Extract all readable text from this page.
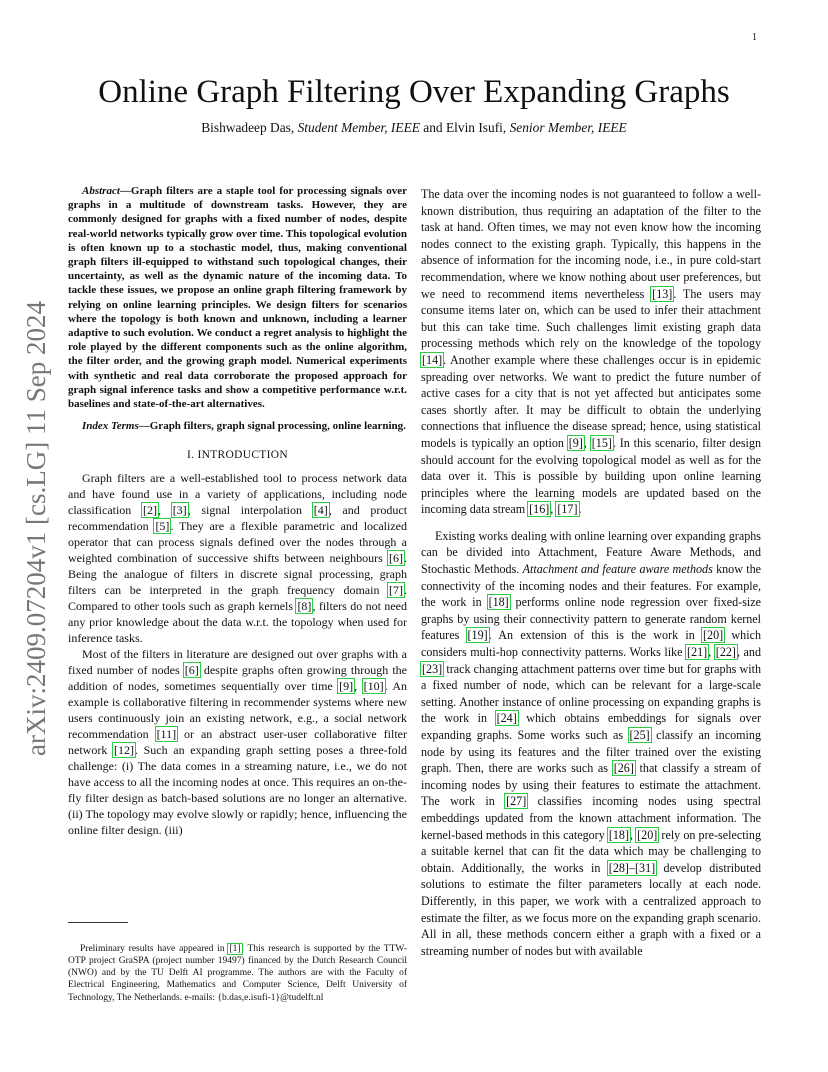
1
arXiv:2409.07204v1 [cs.LG] 11 Sep 2024
Online Graph Filtering Over Expanding Graphs
Bishwadeep Das, Student Member, IEEE and Elvin Isufi, Senior Member, IEEE

Abstract—Graph filters are a staple tool for processing signals over graphs in a multitude of downstream tasks. However, they are commonly designed for graphs with a fixed number of nodes, despite real-world networks typically grow over time. This topological evolution is often known up to a stochastic model, thus, making conventional graph filters ill-equipped to withstand such topological changes, their uncertainty, as well as the dynamic nature of the incoming data. To tackle these issues, we propose an online graph filtering framework by relying on online learning principles. We design filters for scenarios where the topology is both known and unknown, including a learner adaptive to such evolution. We conduct a regret analysis to highlight the role played by the different components such as the online algorithm, the filter order, and the growing graph model. Numerical experiments with synthetic and real data corroborate the proposed approach for graph signal inference tasks and show a competitive performance w.r.t. baselines and state-of-the-art alternatives.

Index Terms—Graph filters, graph signal processing, online learning.

I. INTRODUCTION

Graph filters are a well-established tool to process network data and have found use in a variety of applications, including node classification [2], [3], signal interpolation [4], and product recommendation [5]. They are a flexible parametric and localized operator that can process signals defined over the nodes through a weighted combination of successive shifts between neighbours [6]. Being the analogue of filters in discrete signal processing, graph filters can be interpreted in the graph frequency domain [7]. Compared to other tools such as graph kernels [8], filters do not need any prior knowledge about the data w.r.t. the topology when used for inference tasks.

Most of the filters in literature are designed out over graphs with a fixed number of nodes [6] despite graphs often growing through the addition of nodes, sometimes sequentially over time [9], [10]. An example is collaborative filtering in recommender systems where new users continuously join an existing network, e.g., a social network recommendation [11] or an abstract user-user collaborative filter network [12]. Such an expanding graph setting poses a three-fold challenge: (i) The data comes in a streaming nature, i.e., we do not have access to all the incoming nodes at once. This requires an on-the-fly filter design as batch-based solutions are no longer an alternative. (ii) The topology may evolve slowly or rapidly; hence, influencing the online filter design. (iii)

Preliminary results have appeared in [1]. This research is supported by the TTW-OTP project GraSPA (project number 19497) financed by the Dutch Research Council (NWO) and by the TU Delft AI programme. The authors are with the Faculty of Electrical Engineering, Mathematics and Computer Science, Delft University of Technology, The Netherlands. e-mails: {b.das,e.isufi-1}@tudelft.nl

The data over the incoming nodes is not guaranteed to follow a well-known distribution, thus requiring an adaptation of the filter to the task at hand. Often times, we may not even know how the incoming nodes connect to the existing graph. Typically, this happens in the absence of information for the incoming node, i.e., in pure cold-start recommendation, where we know nothing about user preferences, but we need to recommend items nevertheless [13]. The users may consume items later on, which can be used to infer their attachment but this can take time. Such challenges limit existing graph data processing methods which rely on the knowledge of the topology [14]. Another example where these challenges occur is in epidemic spreading over networks. We want to predict the future number of active cases for a city that is not yet affected but anticipates some cases shortly after. It may be difficult to obtain the underlying connections that influence the disease spread; hence, using statistical models is typically an option [9], [15]. In this scenario, filter design should account for the evolving topological model as well as for the data over it. This is possible by building upon online learning principles where the learning models are updated based on the incoming data stream [16], [17].

Existing works dealing with online learning over expanding graphs can be divided into Attachment, Feature Aware Methods, and Stochastic Methods. Attachment and feature aware methods know the connectivity of the incoming nodes and their features. For example, the work in [18] performs online node regression over fixed-size graphs by using their connectivity pattern to generate random kernel features [19]. An extension of this is the work in [20] which considers multi-hop connectivity patterns. Works like [21], [22], and [23] track changing attachment patterns over time but for graphs with a fixed number of node, which can be relevant for a large-scale setting. Another instance of online processing on expanding graphs is the work in [24] which obtains embeddings for signals over expanding graphs. Some works such as [25] classify an incoming node by using its features and the filter trained over the existing graph. Then, there are works such as [26] that classify a stream of incoming nodes by using their features to estimate the attachment. The work in [27] classifies incoming nodes using spectral embeddings updated from the known attachment information. The kernel-based methods in this category [18], [20] rely on pre-selecting a suitable kernel that can fit the data which may be challenging to obtain. Additionally, the works in [28]–[31] develop distributed solutions to estimate the filter parameters locally at each node. Differently, in this paper, we work with a centralized approach to estimate the filter, as we focus more on the expanding graph scenario. All in all, these methods concern either a graph with a fixed or a streaming number of nodes but with available
